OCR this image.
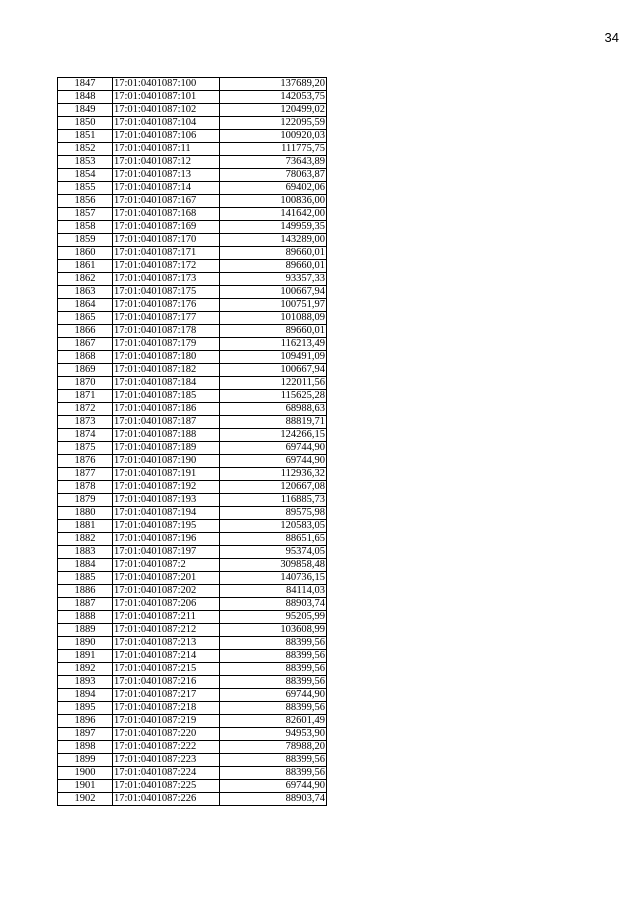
34
1847	17:01:0401087:100	137689,20
1848	17:01:0401087:101	142053,75
1849	17:01:0401087:102	120499,02
1850	17:01:0401087:104	122095,59
1851	17:01:0401087:106	100920,03
1852	17:01:0401087:11	111775,75
1853	17:01:0401087:12	73643,89
1854	17:01:0401087:13	78063,87
1855	17:01:0401087:14	69402,06
1856	17:01:0401087:167	100836,00
1857	17:01:0401087:168	141642,00
1858	17:01:0401087:169	149959,35
1859	17:01:0401087:170	143289,00
1860	17:01:0401087:171	89660,01
1861	17:01:0401087:172	89660,01
1862	17:01:0401087:173	93357,33
1863	17:01:0401087:175	100667,94
1864	17:01:0401087:176	100751,97
1865	17:01:0401087:177	101088,09
1866	17:01:0401087:178	89660,01
1867	17:01:0401087:179	116213,49
1868	17:01:0401087:180	109491,09
1869	17:01:0401087:182	100667,94
1870	17:01:0401087:184	122011,56
1871	17:01:0401087:185	115625,28
1872	17:01:0401087:186	68988,63
1873	17:01:0401087:187	88819,71
1874	17:01:0401087:188	124266,15
1875	17:01:0401087:189	69744,90
1876	17:01:0401087:190	69744,90
1877	17:01:0401087:191	112936,32
1878	17:01:0401087:192	120667,08
1879	17:01:0401087:193	116885,73
1880	17:01:0401087:194	89575,98
1881	17:01:0401087:195	120583,05
1882	17:01:0401087:196	88651,65
1883	17:01:0401087:197	95374,05
1884	17:01:0401087:2	309858,48
1885	17:01:0401087:201	140736,15
1886	17:01:0401087:202	84114,03
1887	17:01:0401087:206	88903,74
1888	17:01:0401087:211	95205,99
1889	17:01:0401087:212	103608,99
1890	17:01:0401087:213	88399,56
1891	17:01:0401087:214	88399,56
1892	17:01:0401087:215	88399,56
1893	17:01:0401087:216	88399,56
1894	17:01:0401087:217	69744,90
1895	17:01:0401087:218	88399,56
1896	17:01:0401087:219	82601,49
1897	17:01:0401087:220	94953,90
1898	17:01:0401087:222	78988,20
1899	17:01:0401087:223	88399,56
1900	17:01:0401087:224	88399,56
1901	17:01:0401087:225	69744,90
1902	17:01:0401087:226	88903,74
